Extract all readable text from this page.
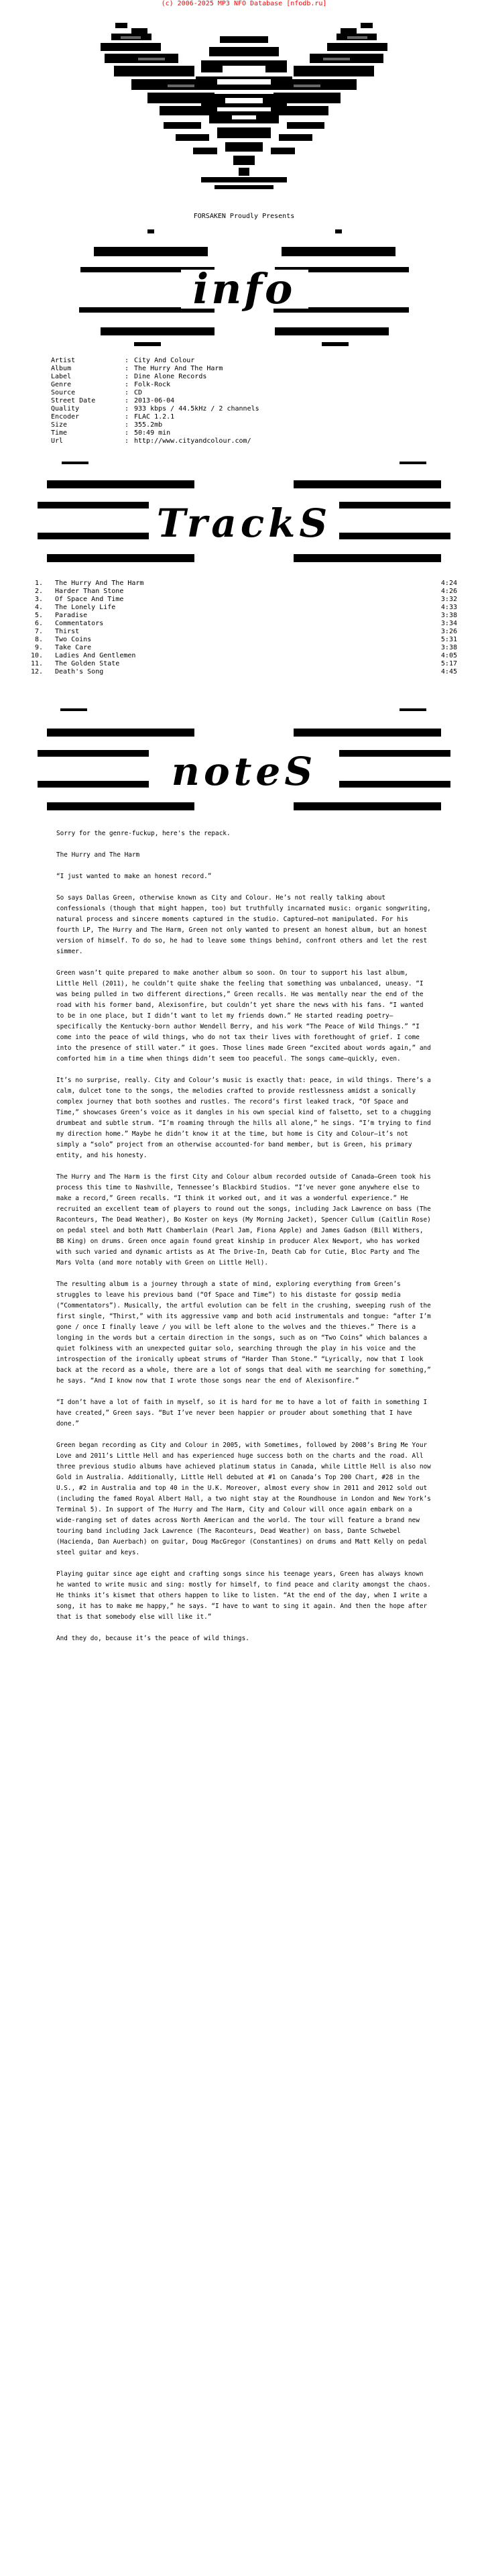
(c) 2006-2025 MP3 NFO Database [nfodb.ru]
FORSAKEN Proudly Presents
info
Artist	: City And Colour
Album	: The Hurry And The Harm
Label	: Dine Alone Records
Genre	: Folk-Rock
Source	: CD
Street Date	: 2013-06-04
Quality	: 933 kbps / 44.5kHz / 2 channels
Encoder	: FLAC 1.2.1
Size	: 355.2mb
Time	: 50:49 min
Url	: http://www.cityandcolour.com/
TrackS
1. The Hurry And The Harm	4:24
2. Harder Than Stone	4:26
3. Of Space And Time	3:32
4. The Lonely Life	4:33
5. Paradise	3:38
6. Commentators	3:34
7. Thirst	3:26
8. Two Coins	5:31
9. Take Care	3:38
10. Ladies And Gentlemen	4:05
11. The Golden State	5:17
12. Death's Song	4:45
noteS

Sorry for the genre-fuckup, here's the repack.

The Hurry and The Harm

“I just wanted to make an honest record.”

So says Dallas Green, otherwise known as City and Colour. He’s not really talking about confessionals (though that might happen, too) but truthfully incarnated music: organic songwriting, natural process and sincere moments captured in the studio. Captured—not manipulated. For his fourth LP, The Hurry and The Harm, Green not only wanted to present an honest album, but an honest version of himself. To do so, he had to leave some things behind, confront others and let the rest simmer.

Green wasn’t quite prepared to make another album so soon. On tour to support his last album, Little Hell (2011), he couldn’t quite shake the feeling that something was unbalanced, uneasy. “I was being pulled in two different directions,” Green recalls. He was mentally near the end of the road with his former band, Alexisonfire, but couldn’t yet share the news with his fans. “I wanted to be in one place, but I didn’t want to let my friends down.” He started reading poetry—specifically the Kentucky-born author Wendell Berry, and his work “The Peace of Wild Things.” “I come into the peace of wild things, who do not tax their lives with forethought of grief. I come into the presence of still water.” it goes. Those lines made Green “excited about words again,” and comforted him in a time when things didn’t seem too peaceful. The songs came—quickly, even.

It’s no surprise, really. City and Colour’s music is exactly that: peace, in wild things. There’s a calm, dulcet tone to the songs, the melodies crafted to provide restlessness amidst a sonically complex journey that both soothes and rustles. The record’s first leaked track, “Of Space and Time,” showcases Green’s voice as it dangles in his own special kind of falsetto, set to a chugging drumbeat and subtle strum. “I’m roaming through the hills all alone,” he sings. “I’m trying to find my direction home.” Maybe he didn’t know it at the time, but home is City and Colour—it’s not simply a “solo” project from an otherwise accounted-for band member, but is Green, his primary entity, and his honesty.

The Hurry and The Harm is the first City and Colour album recorded outside of Canada—Green took his process this time to Nashville, Tennessee’s Blackbird Studios. “I’ve never gone anywhere else to make a record,” Green recalls. “I think it worked out, and it was a wonderful experience.” He recruited an excellent team of players to round out the songs, including Jack Lawrence on bass (The Raconteurs, The Dead Weather), Bo Koster on keys (My Morning Jacket), Spencer Cullum (Caitlin Rose) on pedal steel and both Matt Chamberlain (Pearl Jam, Fiona Apple) and James Gadson (Bill Withers, BB King) on drums. Green once again found great kinship in producer Alex Newport, who has worked with such varied and dynamic artists as At The Drive-In, Death Cab for Cutie, Bloc Party and The Mars Volta (and more notably with Green on Little Hell).

The resulting album is a journey through a state of mind, exploring everything from Green’s struggles to leave his previous band (“Of Space and Time”) to his distaste for gossip media (“Commentators”). Musically, the artful evolution can be felt in the crushing, sweeping rush of the first single, “Thirst,” with its aggressive vamp and both acid instrumentals and tongue: “after I’m gone / once I finally leave / you will be left alone to the wolves and the thieves.” There is a longing in the words but a certain direction in the songs, such as on “Two Coins” which balances a quiet folkiness with an unexpected guitar solo, searching through the play in his voice and the introspection of the ironically upbeat strums of “Harder Than Stone.” “Lyrically, now that I look back at the record as a whole, there are a lot of songs that deal with me searching for something,” he says. “And I know now that I wrote those songs near the end of Alexisonfire.”

“I don’t have a lot of faith in myself, so it is hard for me to have a lot of faith in something I have created,” Green says. “But I’ve never been happier or prouder about something that I have done.”

Green began recording as City and Colour in 2005, with Sometimes, followed by 2008’s Bring Me Your Love and 2011’s Little Hell and has experienced huge success both on the charts and the road. All three previous studio albums have achieved platinum status in Canada, while Little Hell is also now Gold in Australia. Additionally, Little Hell debuted at #1 on Canada’s Top 200 Chart, #28 in the U.S., #2 in Australia and top 40 in the U.K. Moreover, almost every show in 2011 and 2012 sold out (including the famed Royal Albert Hall, a two night stay at the Roundhouse in London and New York’s Terminal 5). In support of The Hurry and The Harm, City and Colour will once again embark on a wide-ranging set of dates across North American and the world. The tour will feature a brand new touring band including Jack Lawrence (The Raconteurs, Dead Weather) on bass, Dante Schwebel (Hacienda, Dan Auerbach) on guitar, Doug MacGregor (Constantines) on drums and Matt Kelly on pedal steel guitar and keys.

Playing guitar since age eight and crafting songs since his teenage years, Green has always known he wanted to write music and sing: mostly for himself, to find peace and clarity amongst the chaos. He thinks it’s kismet that others happen to like to listen. “At the end of the day, when I write a song, it has to make me happy,” he says. “I have to want to sing it again. And then the hope after that is that somebody else will like it.”

And they do, because it’s the peace of wild things.
